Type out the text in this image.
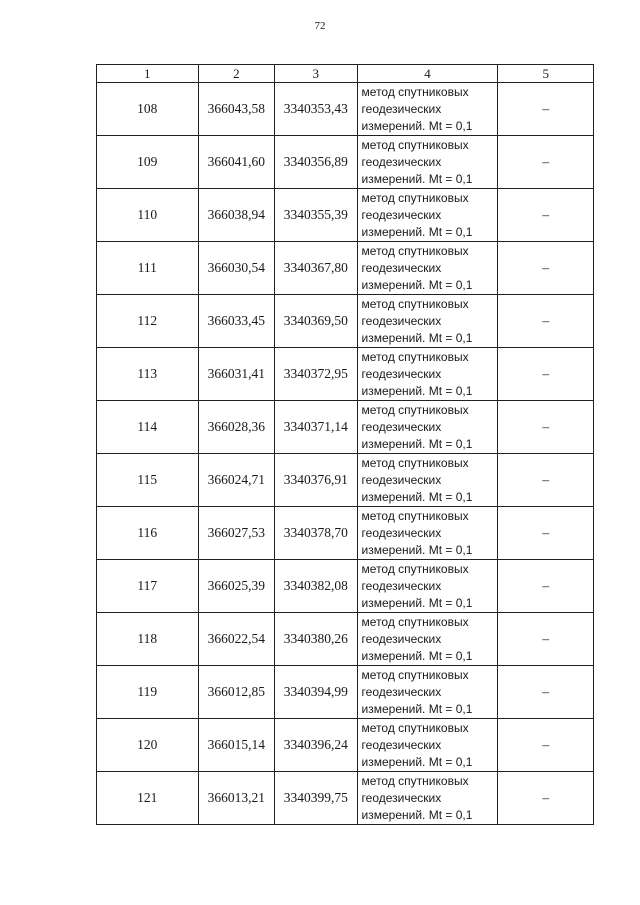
72
1	2	3	4	5
108	366043,58	3340353,43	метод спутниковых
геодезических
измерений. Mt = 0,1	–
109	366041,60	3340356,89	метод спутниковых
геодезических
измерений. Mt = 0,1	–
110	366038,94	3340355,39	метод спутниковых
геодезических
измерений. Mt = 0,1	–
111	366030,54	3340367,80	метод спутниковых
геодезических
измерений. Mt = 0,1	–
112	366033,45	3340369,50	метод спутниковых
геодезических
измерений. Mt = 0,1	–
113	366031,41	3340372,95	метод спутниковых
геодезических
измерений. Mt = 0,1	–
114	366028,36	3340371,14	метод спутниковых
геодезических
измерений. Mt = 0,1	–
115	366024,71	3340376,91	метод спутниковых
геодезических
измерений. Mt = 0,1	–
116	366027,53	3340378,70	метод спутниковых
геодезических
измерений. Mt = 0,1	–
117	366025,39	3340382,08	метод спутниковых
геодезических
измерений. Mt = 0,1	–
118	366022,54	3340380,26	метод спутниковых
геодезических
измерений. Mt = 0,1	–
119	366012,85	3340394,99	метод спутниковых
геодезических
измерений. Mt = 0,1	–
120	366015,14	3340396,24	метод спутниковых
геодезических
измерений. Mt = 0,1	–
121	366013,21	3340399,75	метод спутниковых
геодезических
измерений. Mt = 0,1	–
